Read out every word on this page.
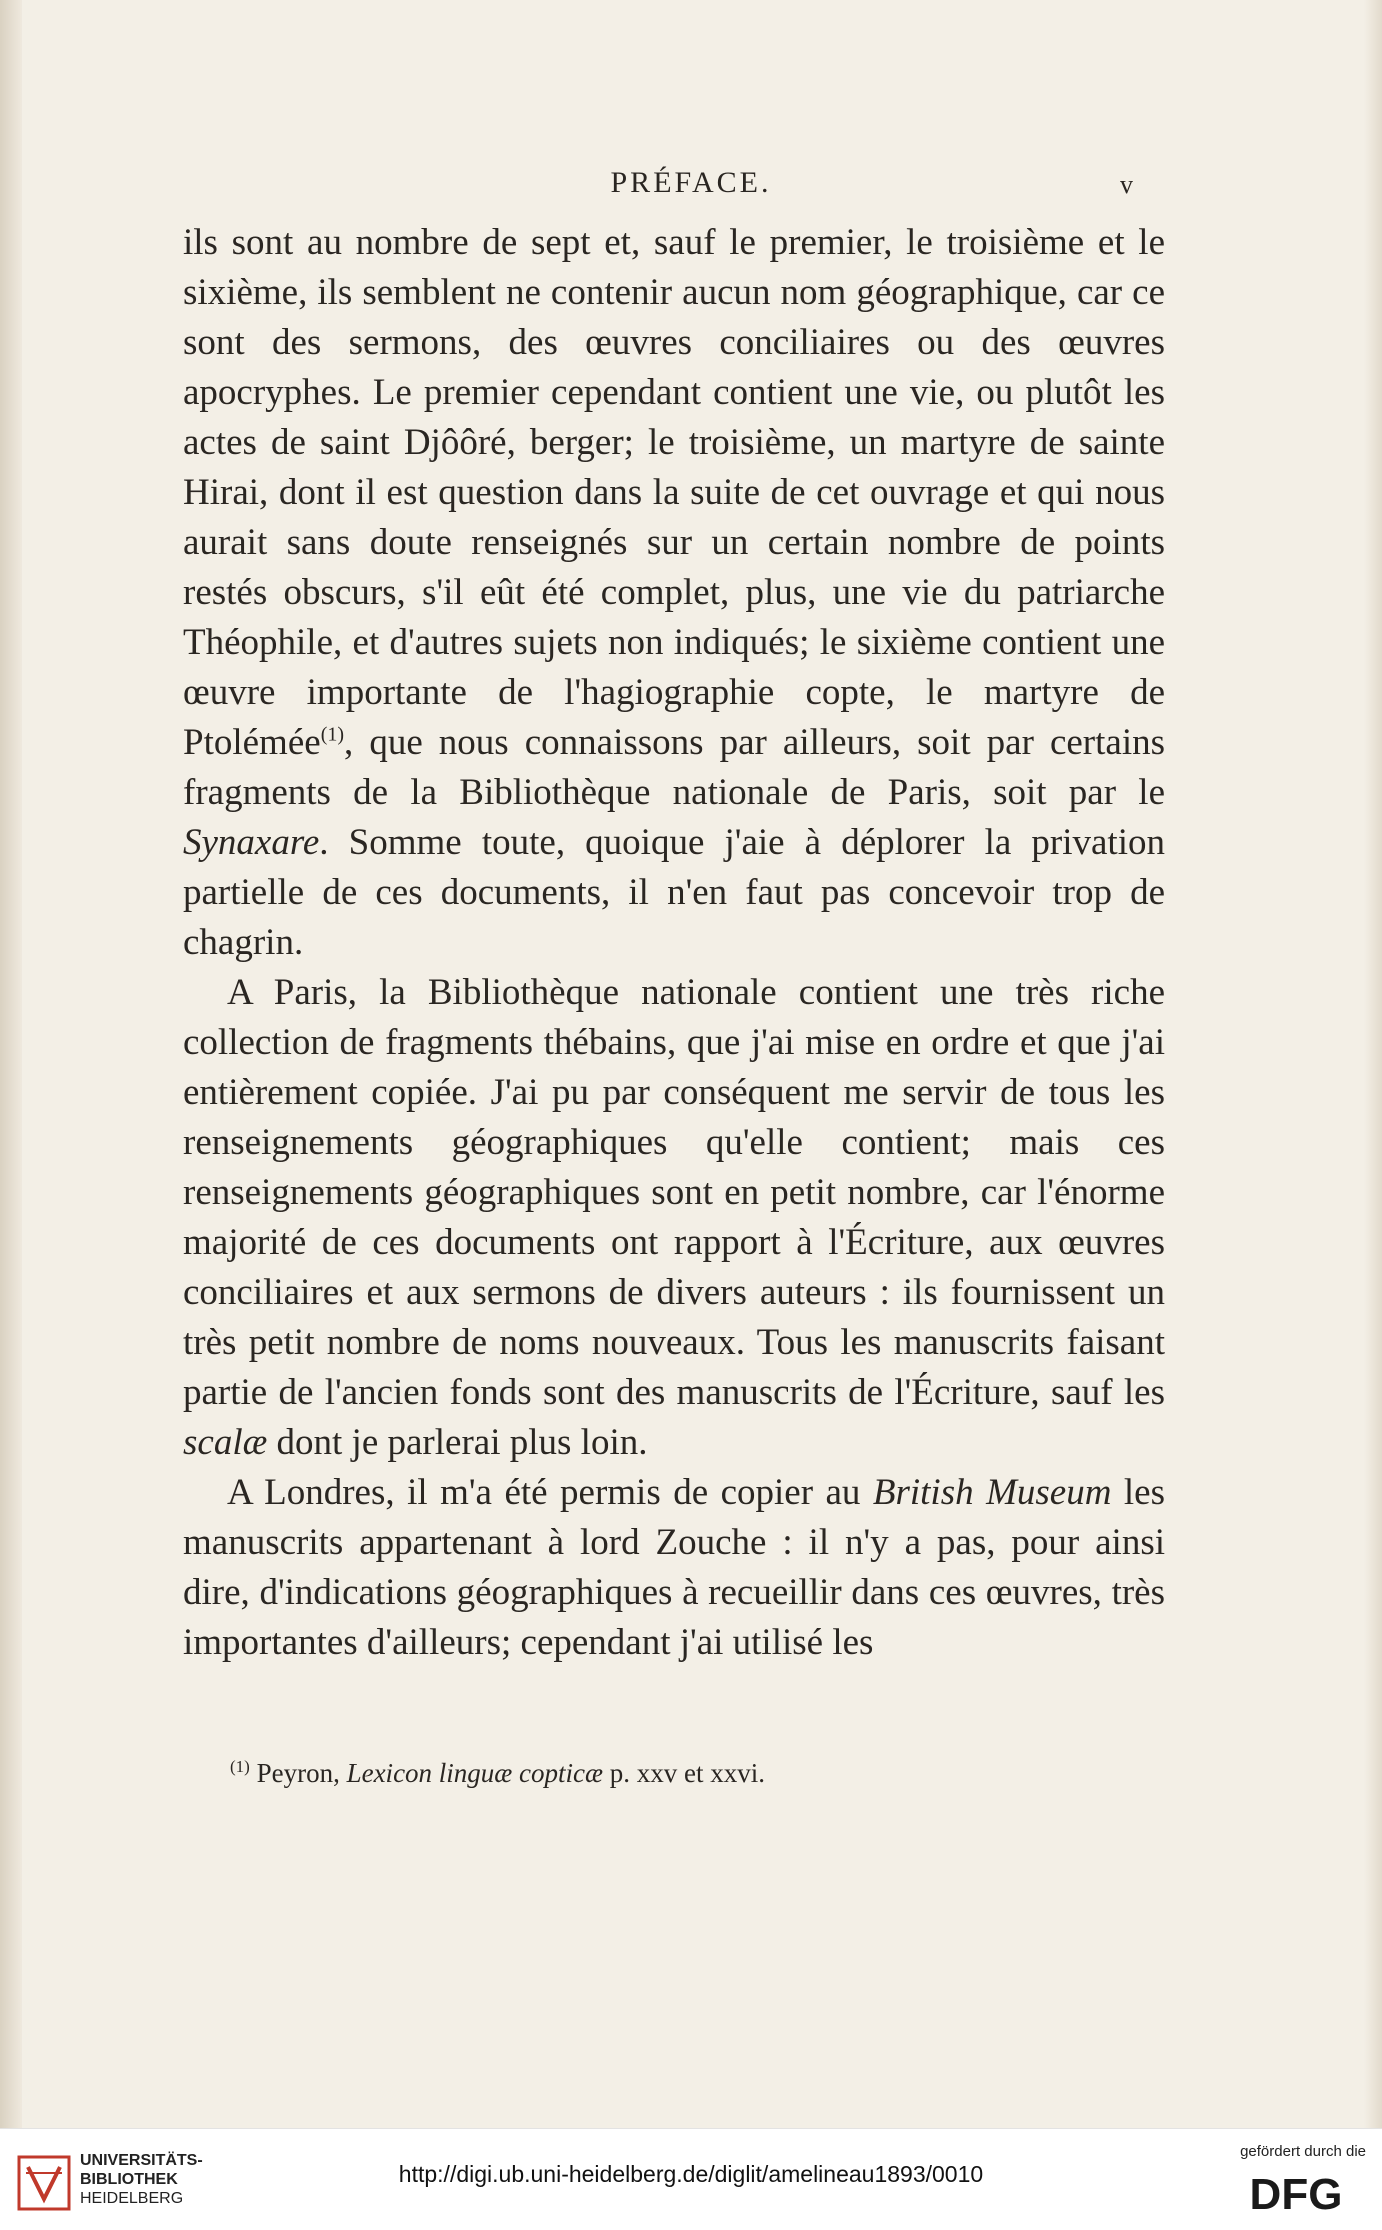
PRÉFACE.	v

ils sont au nombre de sept et, sauf le premier, le troisième et le sixième, ils semblent ne contenir aucun nom géographique, car ce sont des sermons, des œuvres conciliaires ou des œuvres apocryphes. Le premier cependant contient une vie, ou plutôt les actes de saint Djôôré, berger; le troisième, un martyre de sainte Hirai, dont il est question dans la suite de cet ouvrage et qui nous aurait sans doute renseignés sur un certain nombre de points restés obscurs, s'il eût été complet, plus, une vie du patriarche Théophile, et d'autres sujets non indiqués; le sixième contient une œuvre importante de l'hagiographie copte, le martyre de Ptolémée$^{(1)}$, que nous connaissons par ailleurs, soit par certains fragments de la Bibliothèque nationale de Paris, soit par le Synaxare. Somme toute, quoique j'aie à déplorer la privation partielle de ces documents, il n'en faut pas concevoir trop de chagrin.

A Paris, la Bibliothèque nationale contient une très riche collection de fragments thébains, que j'ai mise en ordre et que j'ai entièrement copiée. J'ai pu par conséquent me servir de tous les renseignements géographiques qu'elle contient; mais ces renseignements géographiques sont en petit nombre, car l'énorme majorité de ces documents ont rapport à l'Écriture, aux œuvres conciliaires et aux sermons de divers auteurs : ils fournissent un très petit nombre de noms nouveaux. Tous les manuscrits faisant partie de l'ancien fonds sont des manuscrits de l'Écriture, sauf les scalæ dont je parlerai plus loin.

A Londres, il m'a été permis de copier au British Museum les manuscrits appartenant à lord Zouche : il n'y a pas, pour ainsi dire, d'indications géographiques à recueillir dans ces œuvres, très importantes d'ailleurs; cependant j'ai utilisé les

$^{(1)}$ Peyron, Lexicon linguæ copticæ p. xxv et xxvi.
UNIVERSITÄTS-
BIBLIOTHEK
HEIDELBERG
http://digi.ub.uni-heidelberg.de/diglit/amelineau1893/0010
gefördert durch die
DFG
